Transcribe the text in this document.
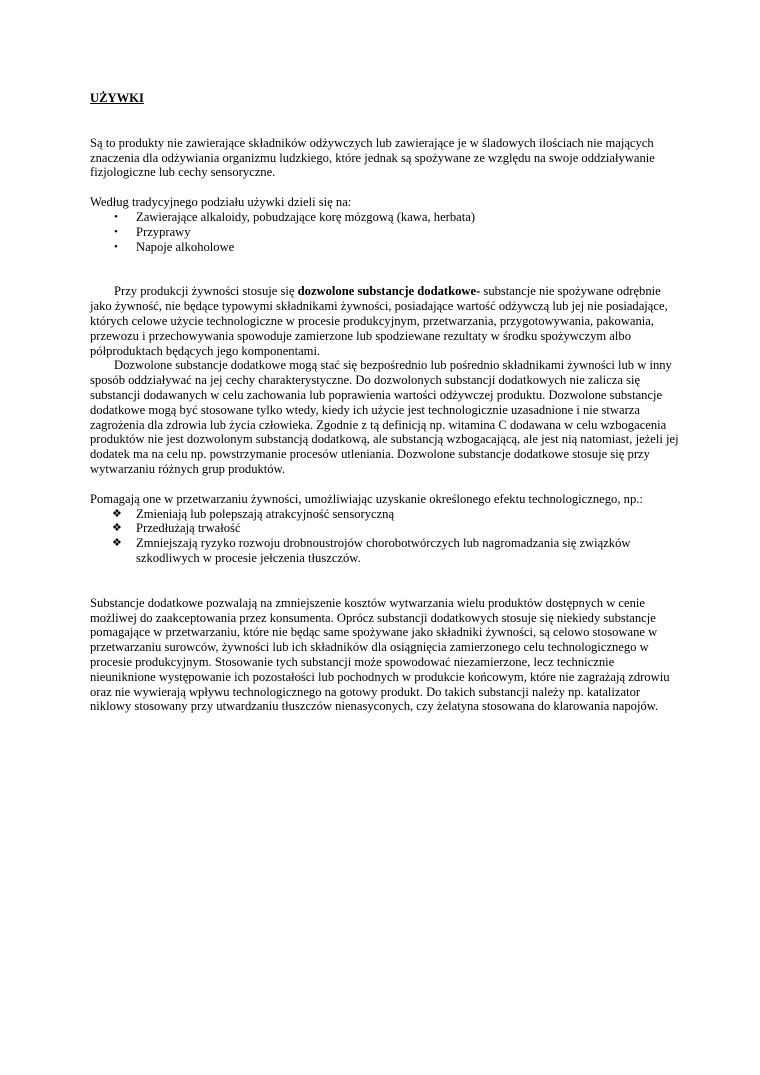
UŻYWKI

Są to produkty nie zawierające składników odżywczych lub zawierające je w śladowych ilościach nie mających znaczenia dla odżywiania organizmu ludzkiego, które jednak są spożywane ze względu na swoje oddziaływanie fizjologiczne lub cechy sensoryczne.

Według tradycyjnego podziału używki dzieli się na:

• Zawierające alkaloidy, pobudzające korę mózgową (kawa, herbata)
• Przyprawy
• Napoje alkoholowe

Przy produkcji żywności stosuje się dozwolone substancje dodatkowe- substancje nie spożywane odrębnie jako żywność, nie będące typowymi składnikami żywności, posiadające wartość odżywczą lub jej nie posiadające, których celowe użycie technologiczne w procesie produkcyjnym, przetwarzania, przygotowywania, pakowania, przewozu i przechowywania spowoduje zamierzone lub spodziewane rezultaty w środku spożywczym albo półproduktach będących jego komponentami.

Dozwolone substancje dodatkowe mogą stać się bezpośrednio lub pośrednio składnikami żywności lub w inny sposób oddziaływać na jej cechy charakterystyczne. Do dozwolonych substancji dodatkowych nie zalicza się substancji dodawanych w celu zachowania lub poprawienia wartości odżywczej produktu. Dozwolone substancje dodatkowe mogą być stosowane tylko wtedy, kiedy ich użycie jest technologicznie uzasadnione i nie stwarza zagrożenia dla zdrowia lub życia człowieka. Zgodnie z tą definicją np. witamina C dodawana w celu wzbogacenia produktów nie jest dozwolonym substancją dodatkową, ale substancją wzbogacającą, ale jest nią natomiast, jeżeli jej dodatek ma na celu np. powstrzymanie procesów utleniania. Dozwolone substancje dodatkowe stosuje się przy wytwarzaniu różnych grup produktów.

Pomagają one w przetwarzaniu żywności, umożliwiając uzyskanie określonego efektu technologicznego, np.:

❖ Zmieniają lub polepszają atrakcyjność sensoryczną
❖ Przedłużają trwałość
❖ Zmniejszają ryzyko rozwoju drobnoustrojów chorobotwórczych lub nagromadzania się związków szkodliwych w procesie jełczenia tłuszczów.

Substancje dodatkowe pozwalają na zmniejszenie kosztów wytwarzania wielu produktów dostępnych w cenie możliwej do zaakceptowania przez konsumenta. Oprócz substancji dodatkowych stosuje się niekiedy substancje pomagające w przetwarzaniu, które nie będąc same spożywane jako składniki żywności, są celowo stosowane w przetwarzaniu surowców, żywności lub ich składników dla osiągnięcia zamierzonego celu technologicznego w procesie produkcyjnym. Stosowanie tych substancji może spowodować niezamierzone, lecz technicznie nieuniknione występowanie ich pozostałości lub pochodnych w produkcie końcowym, które nie zagrażają zdrowiu oraz nie wywierają wpływu technologicznego na gotowy produkt. Do takich substancji należy np. katalizator niklowy stosowany przy utwardzaniu tłuszczów nienasyconych, czy żelatyna stosowana do klarowania napojów.
